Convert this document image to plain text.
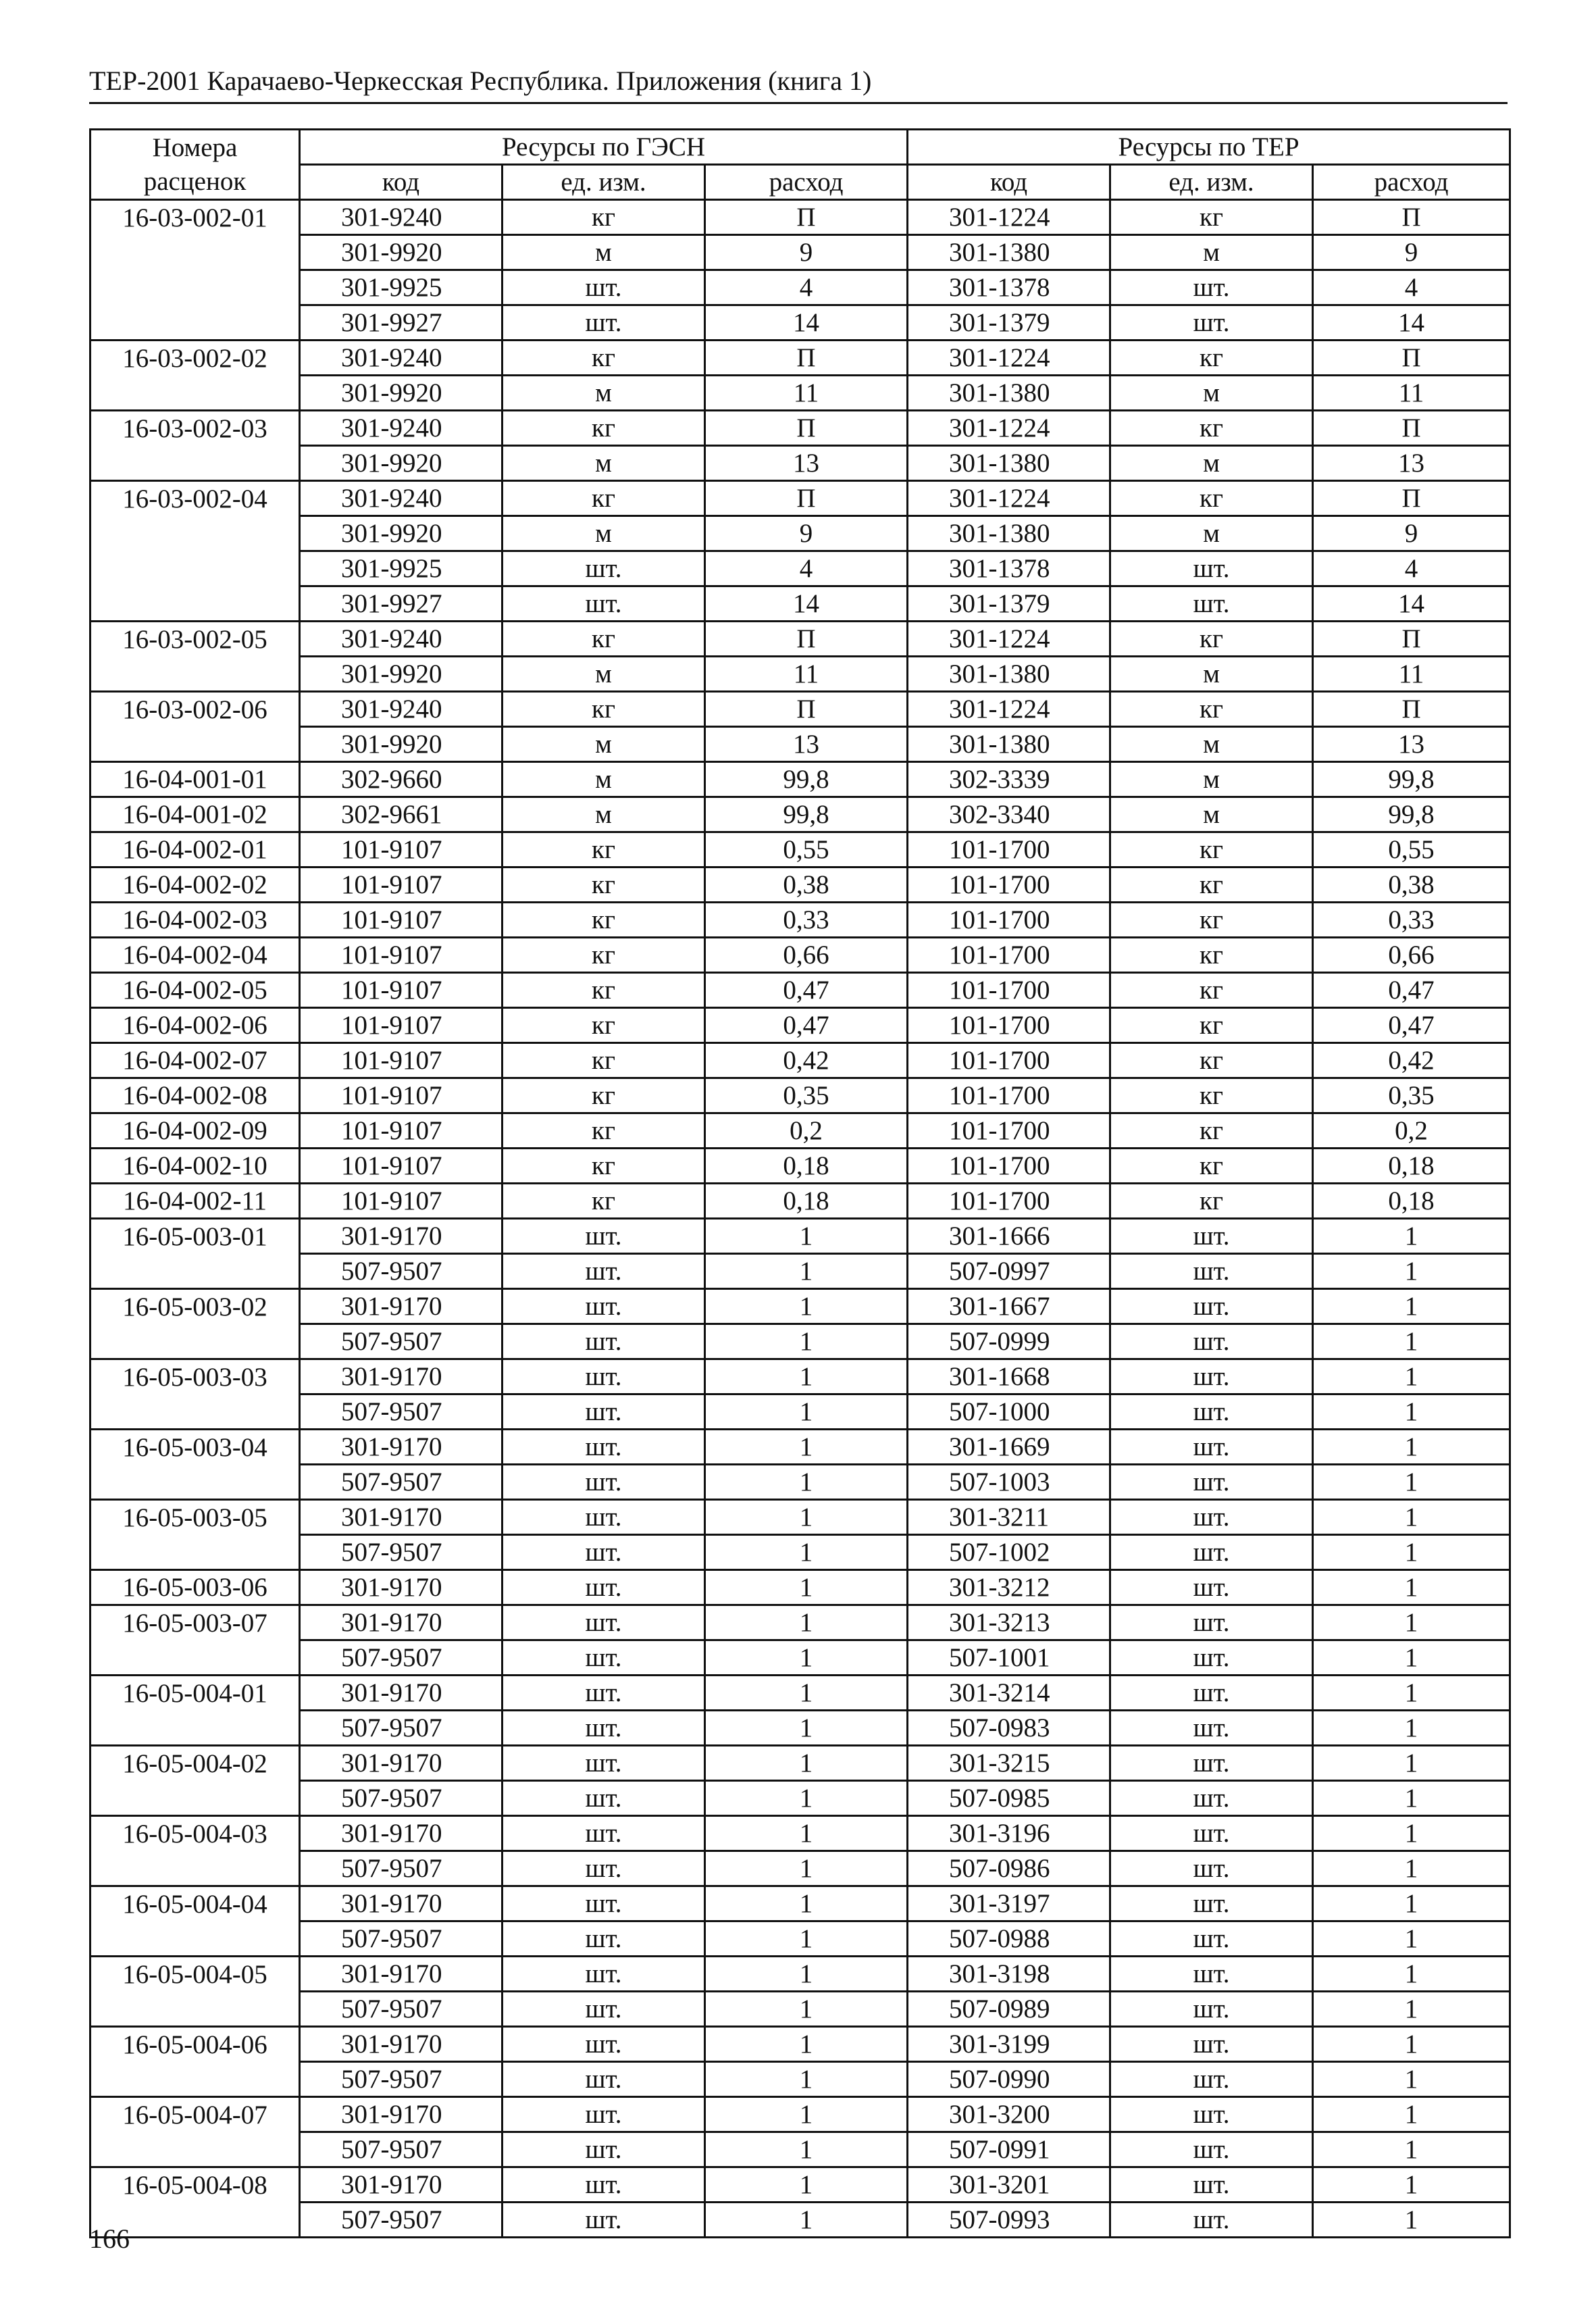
ТЕР-2001 Карачаево-Черкесская Республика. Приложения (книга 1)
Номера	Ресурсы по ГЭСН			Ресурсы по ТЕР		
расценок	код	ед. изм.	расход	код	ед. изм.	расход
16-03-002-01	301-9240	кг	П	301-1224	кг	П
	301-9920	м	9	301-1380	м	9
	301-9925	шт.	4	301-1378	шт.	4
	301-9927	шт.	14	301-1379	шт.	14
16-03-002-02	301-9240	кг	П	301-1224	кг	П
	301-9920	м	11	301-1380	м	11
16-03-002-03	301-9240	кг	П	301-1224	кг	П
	301-9920	м	13	301-1380	м	13
16-03-002-04	301-9240	кг	П	301-1224	кг	П
	301-9920	м	9	301-1380	м	9
	301-9925	шт.	4	301-1378	шт.	4
	301-9927	шт.	14	301-1379	шт.	14
16-03-002-05	301-9240	кг	П	301-1224	кг	П
	301-9920	м	11	301-1380	м	11
16-03-002-06	301-9240	кг	П	301-1224	кг	П
	301-9920	м	13	301-1380	м	13
16-04-001-01	302-9660	м	99,8	302-3339	м	99,8
16-04-001-02	302-9661	м	99,8	302-3340	м	99,8
16-04-002-01	101-9107	кг	0,55	101-1700	кг	0,55
16-04-002-02	101-9107	кг	0,38	101-1700	кг	0,38
16-04-002-03	101-9107	кг	0,33	101-1700	кг	0,33
16-04-002-04	101-9107	кг	0,66	101-1700	кг	0,66
16-04-002-05	101-9107	кг	0,47	101-1700	кг	0,47
16-04-002-06	101-9107	кг	0,47	101-1700	кг	0,47
16-04-002-07	101-9107	кг	0,42	101-1700	кг	0,42
16-04-002-08	101-9107	кг	0,35	101-1700	кг	0,35
16-04-002-09	101-9107	кг	0,2	101-1700	кг	0,2
16-04-002-10	101-9107	кг	0,18	101-1700	кг	0,18
16-04-002-11	101-9107	кг	0,18	101-1700	кг	0,18
16-05-003-01	301-9170	шт.	1	301-1666	шт.	1
	507-9507	шт.	1	507-0997	шт.	1
16-05-003-02	301-9170	шт.	1	301-1667	шт.	1
	507-9507	шт.	1	507-0999	шт.	1
16-05-003-03	301-9170	шт.	1	301-1668	шт.	1
	507-9507	шт.	1	507-1000	шт.	1
16-05-003-04	301-9170	шт.	1	301-1669	шт.	1
	507-9507	шт.	1	507-1003	шт.	1
16-05-003-05	301-9170	шт.	1	301-3211	шт.	1
	507-9507	шт.	1	507-1002	шт.	1
16-05-003-06	301-9170	шт.	1	301-3212	шт.	1
16-05-003-07	301-9170	шт.	1	301-3213	шт.	1
	507-9507	шт.	1	507-1001	шт.	1
16-05-004-01	301-9170	шт.	1	301-3214	шт.	1
	507-9507	шт.	1	507-0983	шт.	1
16-05-004-02	301-9170	шт.	1	301-3215	шт.	1
	507-9507	шт.	1	507-0985	шт.	1
16-05-004-03	301-9170	шт.	1	301-3196	шт.	1
	507-9507	шт.	1	507-0986	шт.	1
16-05-004-04	301-9170	шт.	1	301-3197	шт.	1
	507-9507	шт.	1	507-0988	шт.	1
16-05-004-05	301-9170	шт.	1	301-3198	шт.	1
	507-9507	шт.	1	507-0989	шт.	1
16-05-004-06	301-9170	шт.	1	301-3199	шт.	1
	507-9507	шт.	1	507-0990	шт.	1
16-05-004-07	301-9170	шт.	1	301-3200	шт.	1
	507-9507	шт.	1	507-0991	шт.	1
16-05-004-08	301-9170	шт.	1	301-3201	шт.	1
	507-9507	шт.	1	507-0993	шт.	1
166
